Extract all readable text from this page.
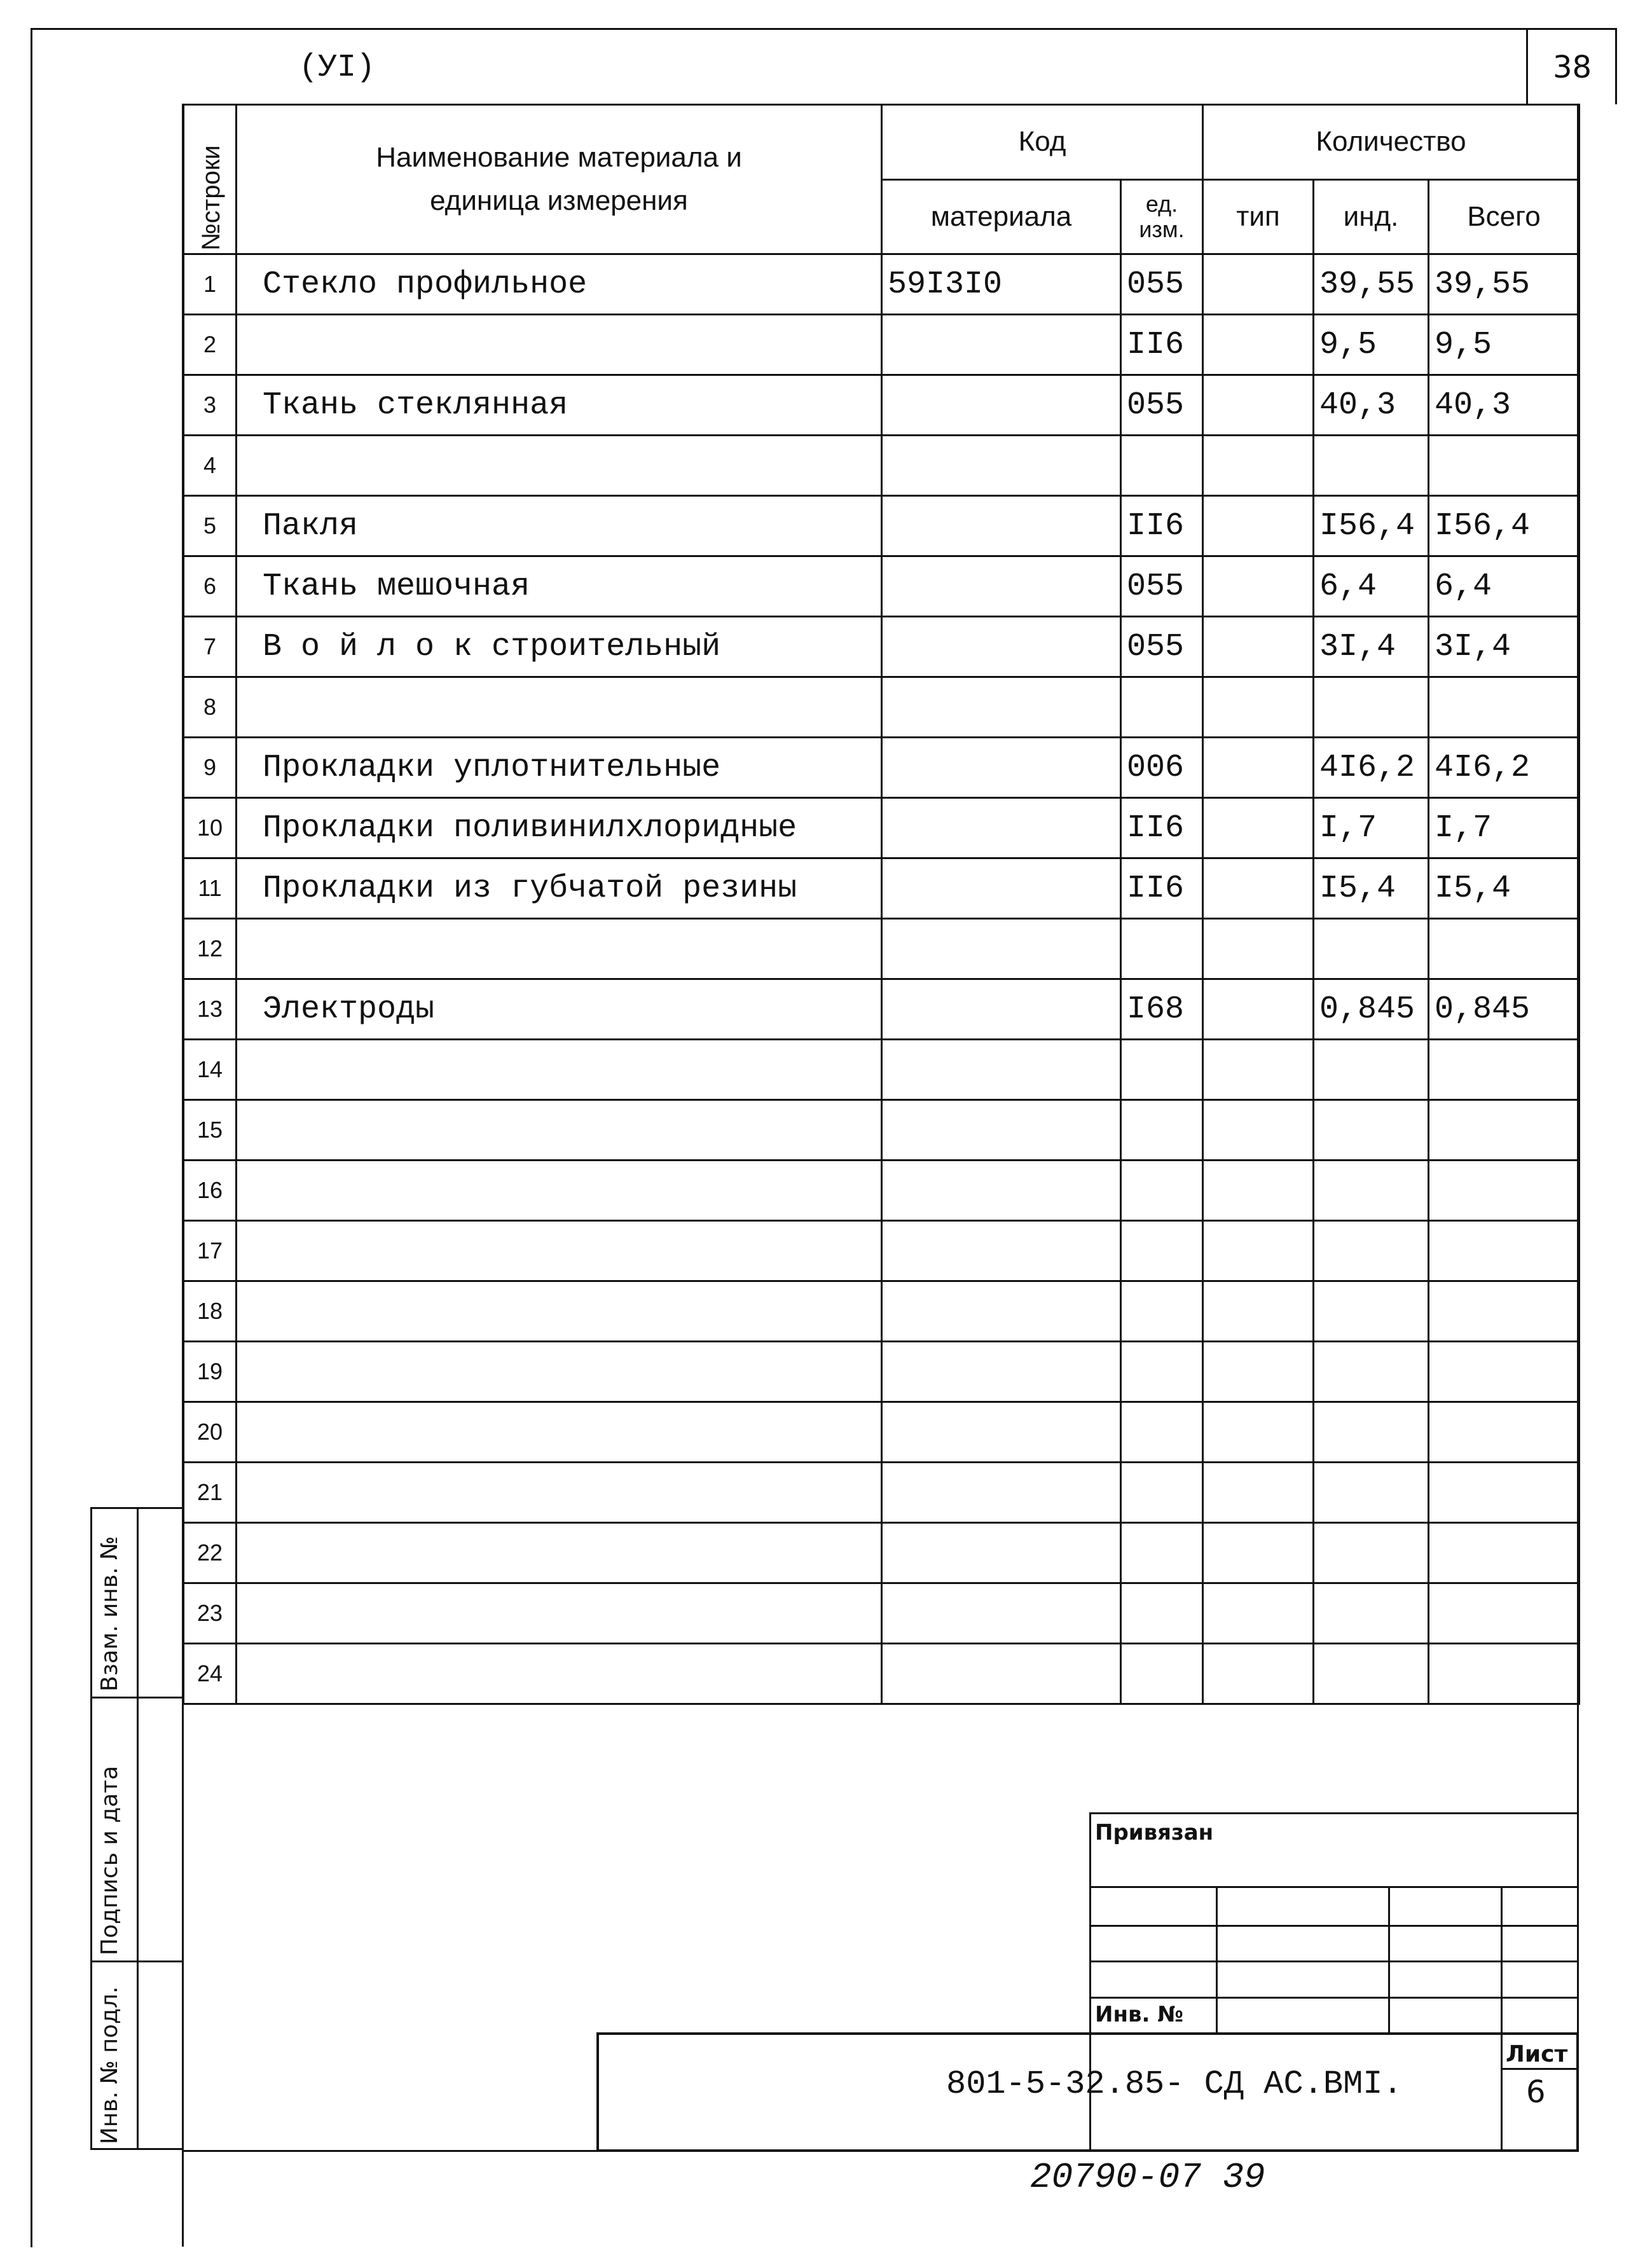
(УI)	38
№строки	Наименование материала и единица измерения	Код		Количество		
		материала	ед. изм.	тип	инд.	Всего
1	Стекло профильное	59I3I0	055		39,55	39,55
2			II6		9,5	9,5
3	Ткань стеклянная		055		40,3	40,3
4						
5	Пакля		II6		I56,4	I56,4
6	Ткань мешочная		055		6,4	6,4
7	В о й л о к строительный		055		3I,4	3I,4
8						
9	Прокладки уплотнительные		006		4I6,2	4I6,2
10	Прокладки поливинилхлоридные		II6		I,7	I,7
11	Прокладки из губчатой резины		II6		I5,4	I5,4
12						
13	Электроды		I68		0,845	0,845
14						
15						
16						
17						
18						
19						
20						
21						
22						
23						
24						
Взам. инв. №
Подпись и дата
Инв. № подл.
Привязан
Инв. №
801-5-32.85- СД АС.ВМI.
Лист
6
20790-07 39
